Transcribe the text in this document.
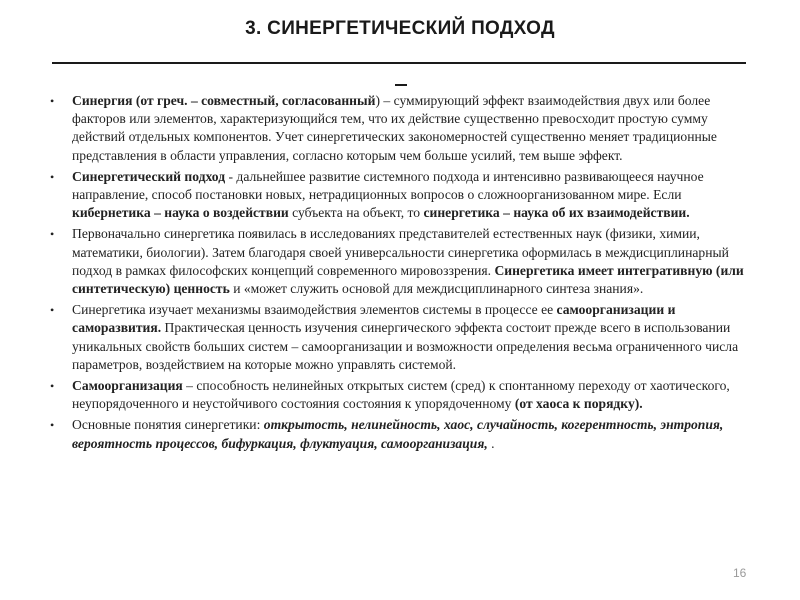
3. СИНЕРГЕТИЧЕСКИЙ ПОДХОД
•	Синергия (от греч. – совместный, согласованный) – суммирующий эффект взаимодействия двух или более факторов или элементов, характеризующийся тем, что их действие существенно превосходит простую сумму действий отдельных компонентов. Учет синергетических закономерностей существенно меняет традиционные представления в области управления, согласно которым чем больше усилий, тем выше эффект.
•	Синергетический подход - дальнейшее развитие системного подхода и интенсивно развивающееся научное направление, способ постановки новых, нетрадиционных вопросов о сложноорганизованном мире. Если кибернетика – наука о воздействии субъекта на объект, то синергетика – наука об их взаимодействии.
•	Первоначально синергетика появилась в исследованиях представителей естественных наук (физики, химии, математики, биологии). Затем благодаря своей универсальности синергетика оформилась в междисциплинарный подход в рамках философских концепций современного мировоззрения. Синергетика имеет интегративную (или синтетическую) ценность и «может служить основой для междисциплинарного синтеза знания».
•	Синергетика изучает механизмы взаимодействия элементов системы в процессе ее самоорганизации и саморазвития. Практическая ценность изучения синергического эффекта состоит прежде всего в использовании уникальных свойств больших систем – самоорганизации и возможности определения весьма ограниченного числа параметров, воздействием на которые можно управлять системой.
•	Самоорганизация – способность нелинейных открытых систем (сред) к спонтанному переходу от хаотического, неупорядоченного и неустойчивого состояния состояния к упорядоченному (от хаоса к порядку).
•	Основные понятия синергетики: открытость, нелинейность, хаос, случайность, когерентность, энтропия, вероятность процессов, бифуркация, флуктуация, самоорганизация, .
16
